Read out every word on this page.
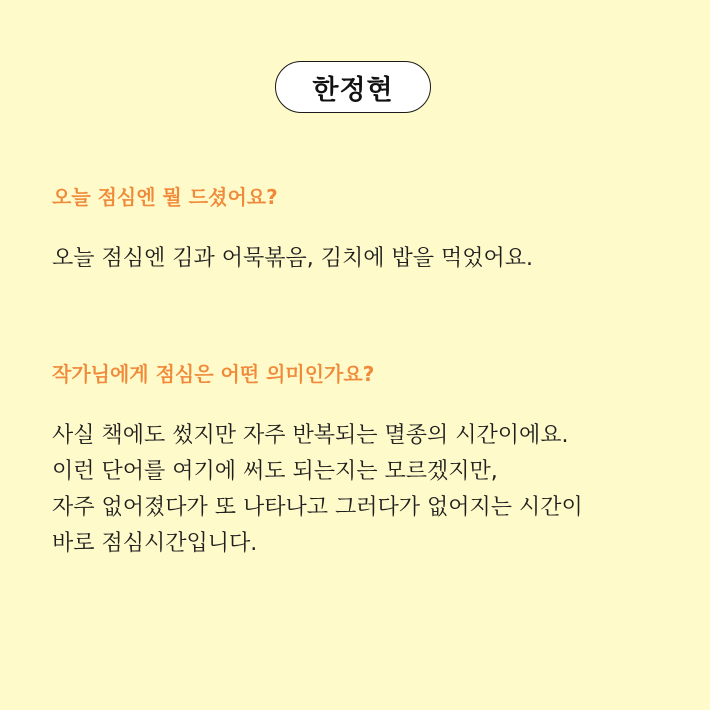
한정현
오늘 점심엔 뭘 드셨어요?
오늘 점심엔 김과 어묵볶음, 김치에 밥을 먹었어요.
작가님에게 점심은 어떤 의미인가요?
사실 책에도 썼지만 자주 반복되는 멸종의 시간이에요.
이런 단어를 여기에 써도 되는지는 모르겠지만,
자주 없어졌다가 또 나타나고 그러다가 없어지는 시간이
바로 점심시간입니다.
